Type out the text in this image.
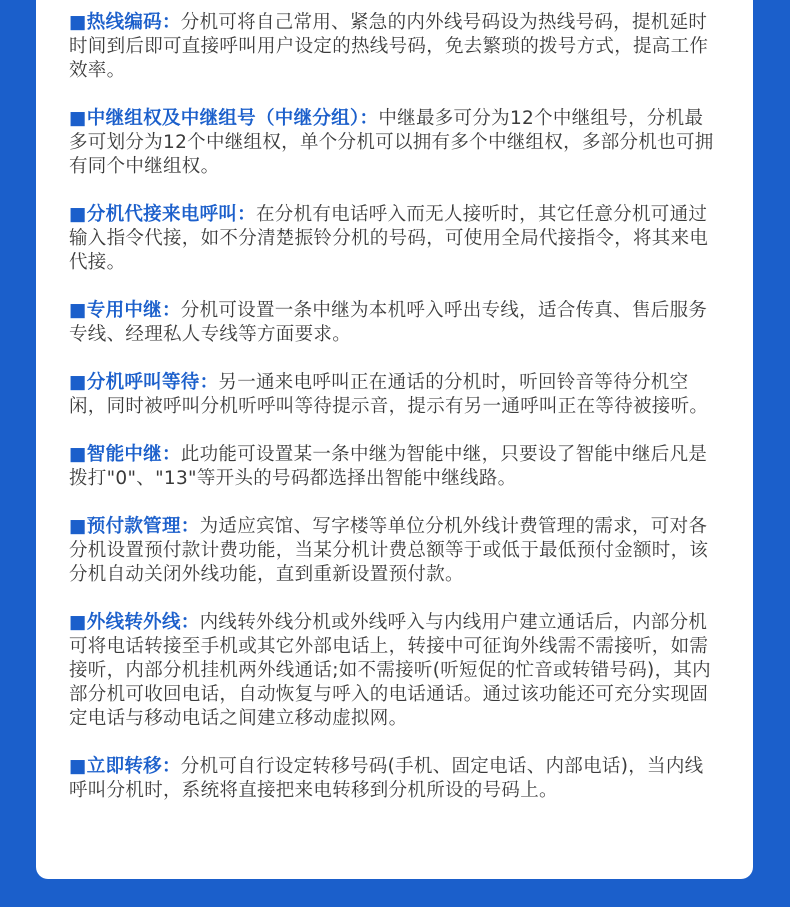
■热线编码：分机可将自己常用、紧急的内外线号码设为热线号码，提机延时时间到后即可直接呼叫用户设定的热线号码，免去繁琐的拨号方式，提高工作效率。

■中继组权及中继组号（中继分组）：中继最多可分为12个中继组号，分机最多可划分为12个中继组权，单个分机可以拥有多个中继组权，多部分机也可拥有同个中继组权。

■分机代接来电呼叫：在分机有电话呼入而无人接听时，其它任意分机可通过输入指令代接，如不分清楚振铃分机的号码，可使用全局代接指令，将其来电代接。

■专用中继：分机可设置一条中继为本机呼入呼出专线，适合传真、售后服务专线、经理私人专线等方面要求。

■分机呼叫等待：另一通来电呼叫正在通话的分机时，听回铃音等待分机空闲，同时被呼叫分机听呼叫等待提示音，提示有另一通呼叫正在等待被接听。

■智能中继：此功能可设置某一条中继为智能中继，只要设了智能中继后凡是拨打"0"、"13"等开头的号码都选择出智能中继线路。

■预付款管理：为适应宾馆、写字楼等单位分机外线计费管理的需求，可对各分机设置预付款计费功能，当某分机计费总额等于或低于最低预付金额时，该分机自动关闭外线功能，直到重新设置预付款。

■外线转外线：内线转外线分机或外线呼入与内线用户建立通话后，内部分机可将电话转接至手机或其它外部电话上，转接中可征询外线需不需接听，如需接听，内部分机挂机两外线通话;如不需接听(听短促的忙音或转错号码)，其内部分机可收回电话，自动恢复与呼入的电话通话。通过该功能还可充分实现固定电话与移动电话之间建立移动虚拟网。

■立即转移：分机可自行设定转移号码(手机、固定电话、内部电话)，当内线呼叫分机时，系统将直接把来电转移到分机所设的号码上。
